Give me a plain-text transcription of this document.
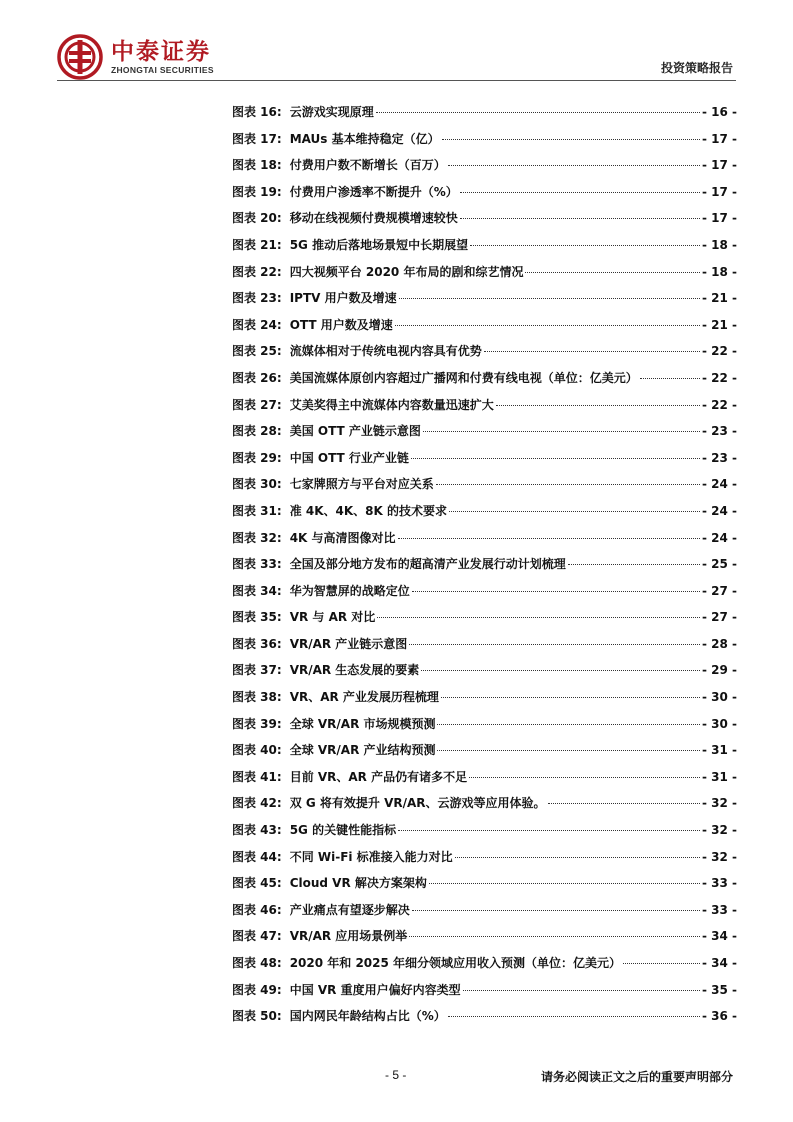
中泰证券
ZHONGTAI SECURITIES	投资策略报告
图表 16: 云游戏实现原理	- 16 -
图表 17: MAUs 基本维持稳定（亿）	- 17 -
图表 18: 付费用户数不断增长（百万）	- 17 -
图表 19: 付费用户渗透率不断提升（%）	- 17 -
图表 20: 移动在线视频付费规模增速较快	- 17 -
图表 21: 5G 推动后落地场景短中长期展望	- 18 -
图表 22: 四大视频平台 2020 年布局的剧和综艺情况	- 18 -
图表 23: IPTV 用户数及增速	- 21 -
图表 24: OTT 用户数及增速	- 21 -
图表 25: 流媒体相对于传统电视内容具有优势	- 22 -
图表 26: 美国流媒体原创内容超过广播网和付费有线电视（单位：亿美元）	- 22 -
图表 27: 艾美奖得主中流媒体内容数量迅速扩大	- 22 -
图表 28: 美国 OTT 产业链示意图	- 23 -
图表 29: 中国 OTT 行业产业链	- 23 -
图表 30: 七家牌照方与平台对应关系	- 24 -
图表 31: 准 4K、4K、8K 的技术要求	- 24 -
图表 32: 4K 与高清图像对比	- 24 -
图表 33: 全国及部分地方发布的超高清产业发展行动计划梳理	- 25 -
图表 34: 华为智慧屏的战略定位	- 27 -
图表 35: VR 与 AR 对比	- 27 -
图表 36: VR/AR 产业链示意图	- 28 -
图表 37: VR/AR 生态发展的要素	- 29 -
图表 38: VR、AR 产业发展历程梳理	- 30 -
图表 39: 全球 VR/AR 市场规模预测	- 30 -
图表 40: 全球 VR/AR 产业结构预测	- 31 -
图表 41: 目前 VR、AR 产品仍有诸多不足	- 31 -
图表 42: 双 G 将有效提升 VR/AR、云游戏等应用体验。	- 32 -
图表 43: 5G 的关键性能指标	- 32 -
图表 44: 不同 Wi-Fi 标准接入能力对比	- 32 -
图表 45: Cloud VR 解决方案架构	- 33 -
图表 46: 产业痛点有望逐步解决	- 33 -
图表 47: VR/AR 应用场景例举	- 34 -
图表 48: 2020 年和 2025 年细分领域应用收入预测（单位：亿美元）	- 34 -
图表 49: 中国 VR 重度用户偏好内容类型	- 35 -
图表 50: 国内网民年龄结构占比（%）	- 36 -
- 5 -	请务必阅读正文之后的重要声明部分
